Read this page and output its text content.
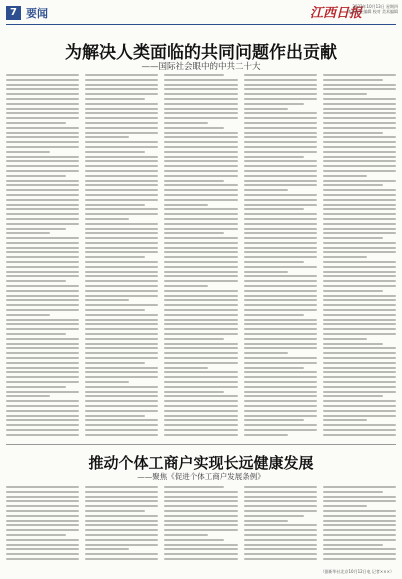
7 要闻	江西日报
2022年10月13日 星期四
本版责任编辑 校对 美术编辑
为解决人类面临的共同问题作出贡献
——国际社会眼中的中共二十大
推动个体工商户实现长远健康发展
——聚焦《促进个体工商户发展条例》
（据新华社北京10月12日电 记者×××）
